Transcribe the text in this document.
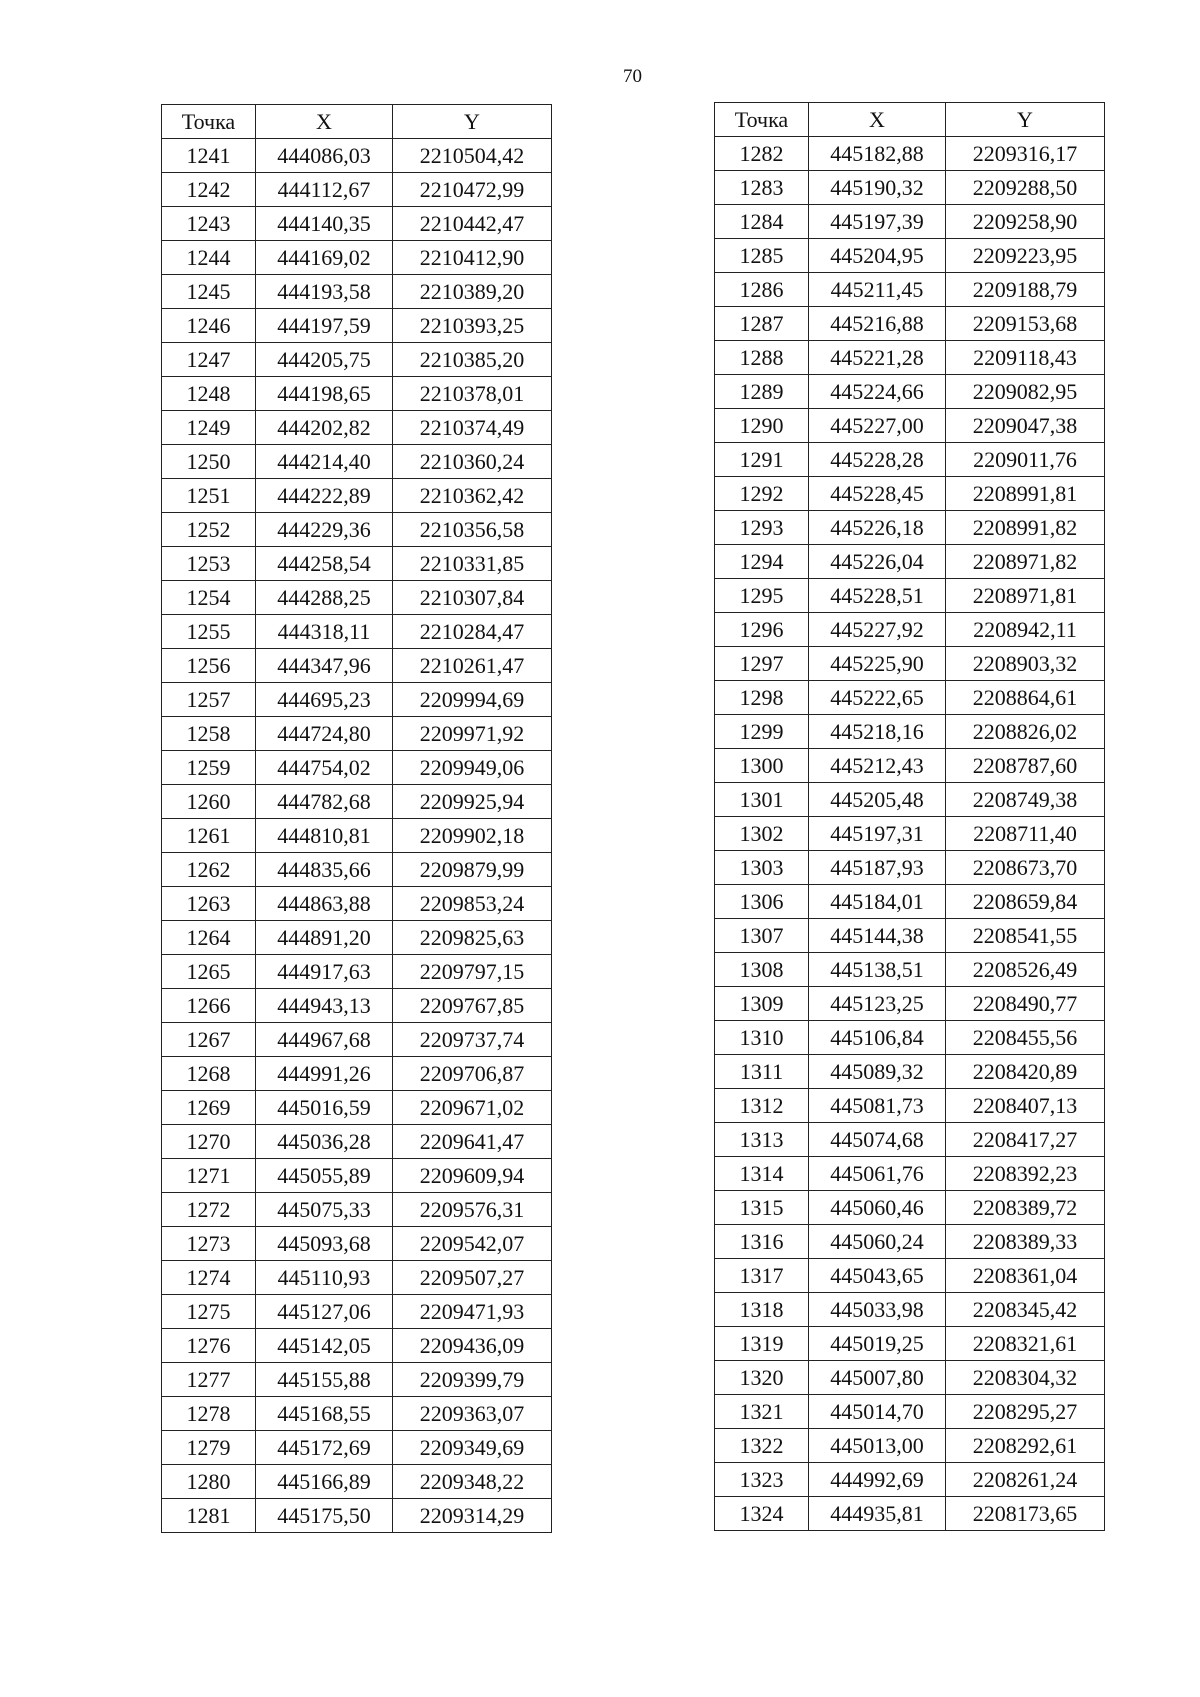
70
Точка	X	Y
1241	444086,03	2210504,42
1242	444112,67	2210472,99
1243	444140,35	2210442,47
1244	444169,02	2210412,90
1245	444193,58	2210389,20
1246	444197,59	2210393,25
1247	444205,75	2210385,20
1248	444198,65	2210378,01
1249	444202,82	2210374,49
1250	444214,40	2210360,24
1251	444222,89	2210362,42
1252	444229,36	2210356,58
1253	444258,54	2210331,85
1254	444288,25	2210307,84
1255	444318,11	2210284,47
1256	444347,96	2210261,47
1257	444695,23	2209994,69
1258	444724,80	2209971,92
1259	444754,02	2209949,06
1260	444782,68	2209925,94
1261	444810,81	2209902,18
1262	444835,66	2209879,99
1263	444863,88	2209853,24
1264	444891,20	2209825,63
1265	444917,63	2209797,15
1266	444943,13	2209767,85
1267	444967,68	2209737,74
1268	444991,26	2209706,87
1269	445016,59	2209671,02
1270	445036,28	2209641,47
1271	445055,89	2209609,94
1272	445075,33	2209576,31
1273	445093,68	2209542,07
1274	445110,93	2209507,27
1275	445127,06	2209471,93
1276	445142,05	2209436,09
1277	445155,88	2209399,79
1278	445168,55	2209363,07
1279	445172,69	2209349,69
1280	445166,89	2209348,22
1281	445175,50	2209314,29
Точка	X	Y
1282	445182,88	2209316,17
1283	445190,32	2209288,50
1284	445197,39	2209258,90
1285	445204,95	2209223,95
1286	445211,45	2209188,79
1287	445216,88	2209153,68
1288	445221,28	2209118,43
1289	445224,66	2209082,95
1290	445227,00	2209047,38
1291	445228,28	2209011,76
1292	445228,45	2208991,81
1293	445226,18	2208991,82
1294	445226,04	2208971,82
1295	445228,51	2208971,81
1296	445227,92	2208942,11
1297	445225,90	2208903,32
1298	445222,65	2208864,61
1299	445218,16	2208826,02
1300	445212,43	2208787,60
1301	445205,48	2208749,38
1302	445197,31	2208711,40
1303	445187,93	2208673,70
1306	445184,01	2208659,84
1307	445144,38	2208541,55
1308	445138,51	2208526,49
1309	445123,25	2208490,77
1310	445106,84	2208455,56
1311	445089,32	2208420,89
1312	445081,73	2208407,13
1313	445074,68	2208417,27
1314	445061,76	2208392,23
1315	445060,46	2208389,72
1316	445060,24	2208389,33
1317	445043,65	2208361,04
1318	445033,98	2208345,42
1319	445019,25	2208321,61
1320	445007,80	2208304,32
1321	445014,70	2208295,27
1322	445013,00	2208292,61
1323	444992,69	2208261,24
1324	444935,81	2208173,65
